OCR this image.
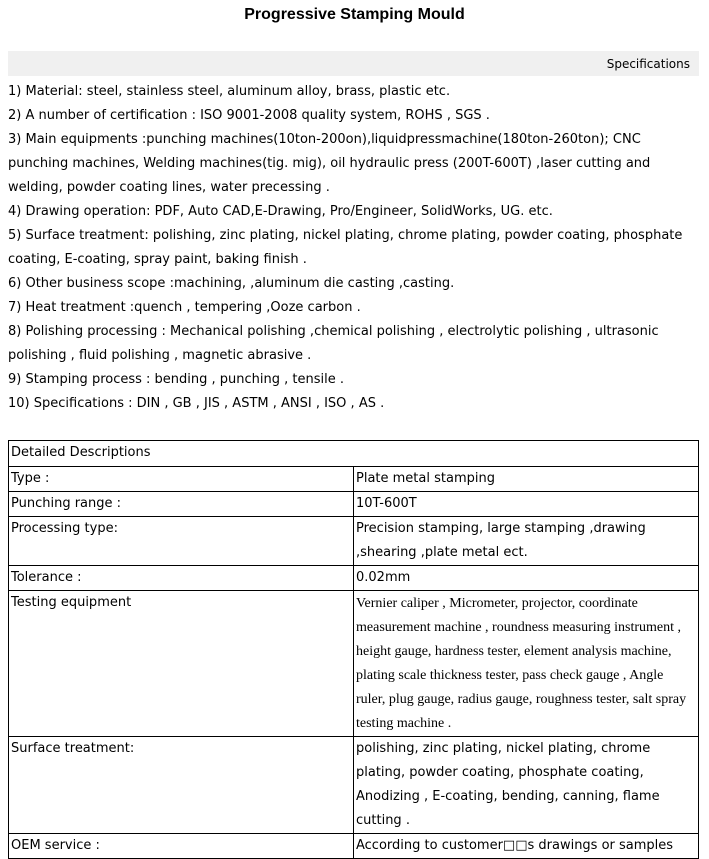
Progressive Stamping Mould
Specifications
1) Material: steel, stainless steel, aluminum alloy, brass, plastic etc.
2) A number of certification : ISO 9001-2008 quality system, ROHS , SGS .
3) Main equipments :punching machines(10ton-200on),liquidpressmachine(180ton-260ton); CNC punching machines, Welding machines(tig. mig), oil hydraulic press (200T-600T) ,laser cutting and welding, powder coating lines, water precessing .
4) Drawing operation: PDF, Auto CAD,E-Drawing, Pro/Engineer, SolidWorks, UG. etc.
5) Surface treatment: polishing, zinc plating, nickel plating, chrome plating, powder coating, phosphate coating, E-coating, spray paint, baking finish .
6) Other business scope :machining, ,aluminum die casting ,casting.
7) Heat treatment :quench , tempering ,Ooze carbon .
8) Polishing processing : Mechanical polishing ,chemical polishing , electrolytic polishing , ultrasonic polishing , fluid polishing , magnetic abrasive .
9) Stamping process : bending , punching , tensile .
10) Specifications : DIN , GB , JIS , ASTM , ANSI , ISO , AS .
Detailed Descriptions	
Type :	Plate metal stamping
Punching range :	10T-600T
Processing type:	Precision stamping, large stamping ,drawing ,shearing ,plate metal ect.
Tolerance :	0.02mm
Testing equipment	Vernier caliper , Micrometer, projector, coordinate measurement machine , roundness measuring instrument , height gauge, hardness tester, element analysis machine, plating scale thickness tester, pass check gauge , Angle ruler, plug gauge, radius gauge, roughness tester, salt spray testing machine .
Surface treatment:	polishing, zinc plating, nickel plating, chrome plating, powder coating, phosphate coating, Anodizing , E-coating, bending, canning, flame cutting .
OEM service :	According to customer□□s drawings or samples
